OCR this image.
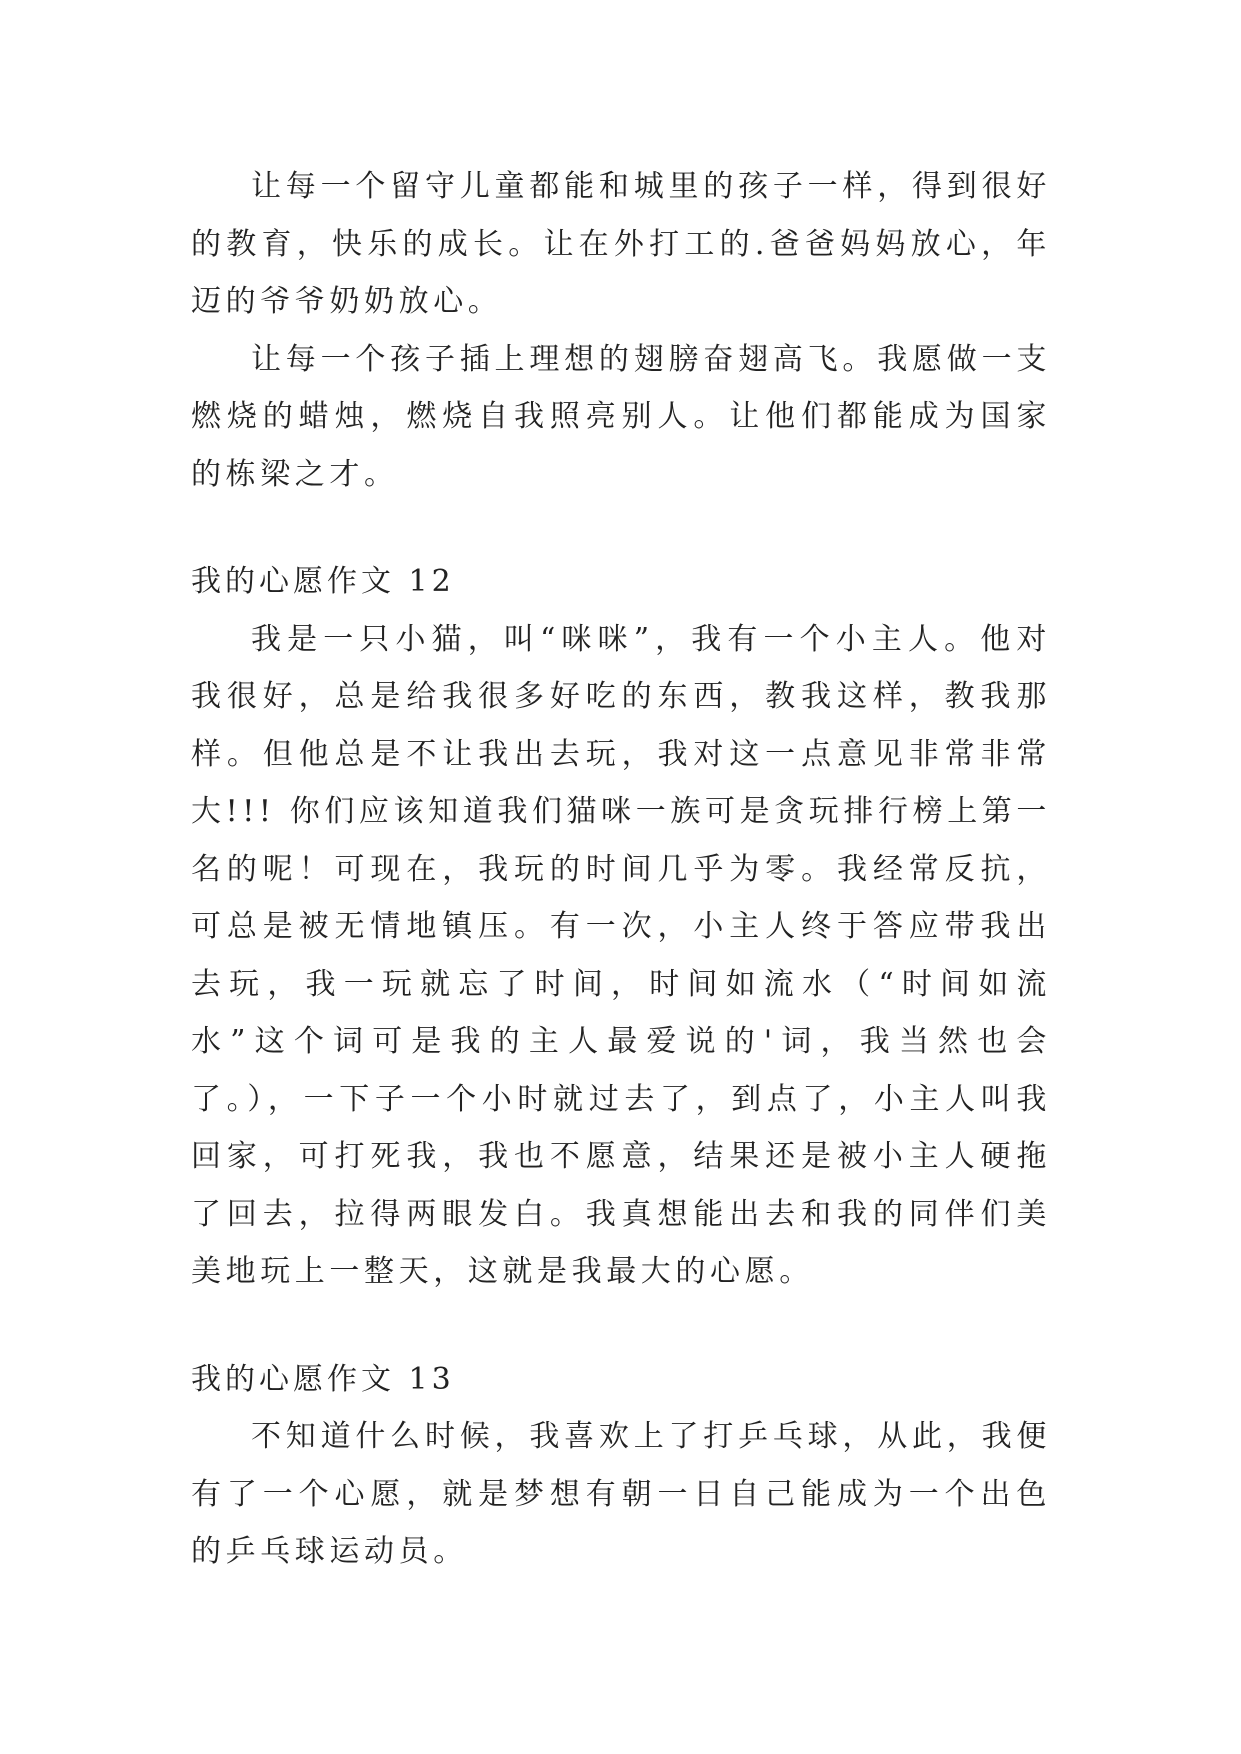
让每一个留守儿童都能和城里的孩子一样，得到很好的教育，快乐的成长。让在外打工的.爸爸妈妈放心，年迈的爷爷奶奶放心。

让每一个孩子插上理想的翅膀奋翅高飞。我愿做一支燃烧的蜡烛，燃烧自我照亮别人。让他们都能成为国家的栋梁之才。

我的心愿作文 12

我是一只小猫，叫“咪咪”，我有一个小主人。他对我很好，总是给我很多好吃的东西，教我这样，教我那样。但他总是不让我出去玩，我对这一点意见非常非常大!!! 你们应该知道我们猫咪一族可是贪玩排行榜上第一名的呢！可现在，我玩的时间几乎为零。我经常反抗，可总是被无情地镇压。有一次，小主人终于答应带我出去玩，我一玩就忘了时间，时间如流水（“时间如流水”这个词可是我的主人最爱说的'词，我当然也会了。），一下子一个小时就过去了，到点了，小主人叫我回家，可打死我，我也不愿意，结果还是被小主人硬拖了回去，拉得两眼发白。我真想能出去和我的同伴们美美地玩上一整天，这就是我最大的心愿。

我的心愿作文 13

不知道什么时候，我喜欢上了打乒乓球，从此，我便有了一个心愿，就是梦想有朝一日自己能成为一个出色的乒乓球运动员。
